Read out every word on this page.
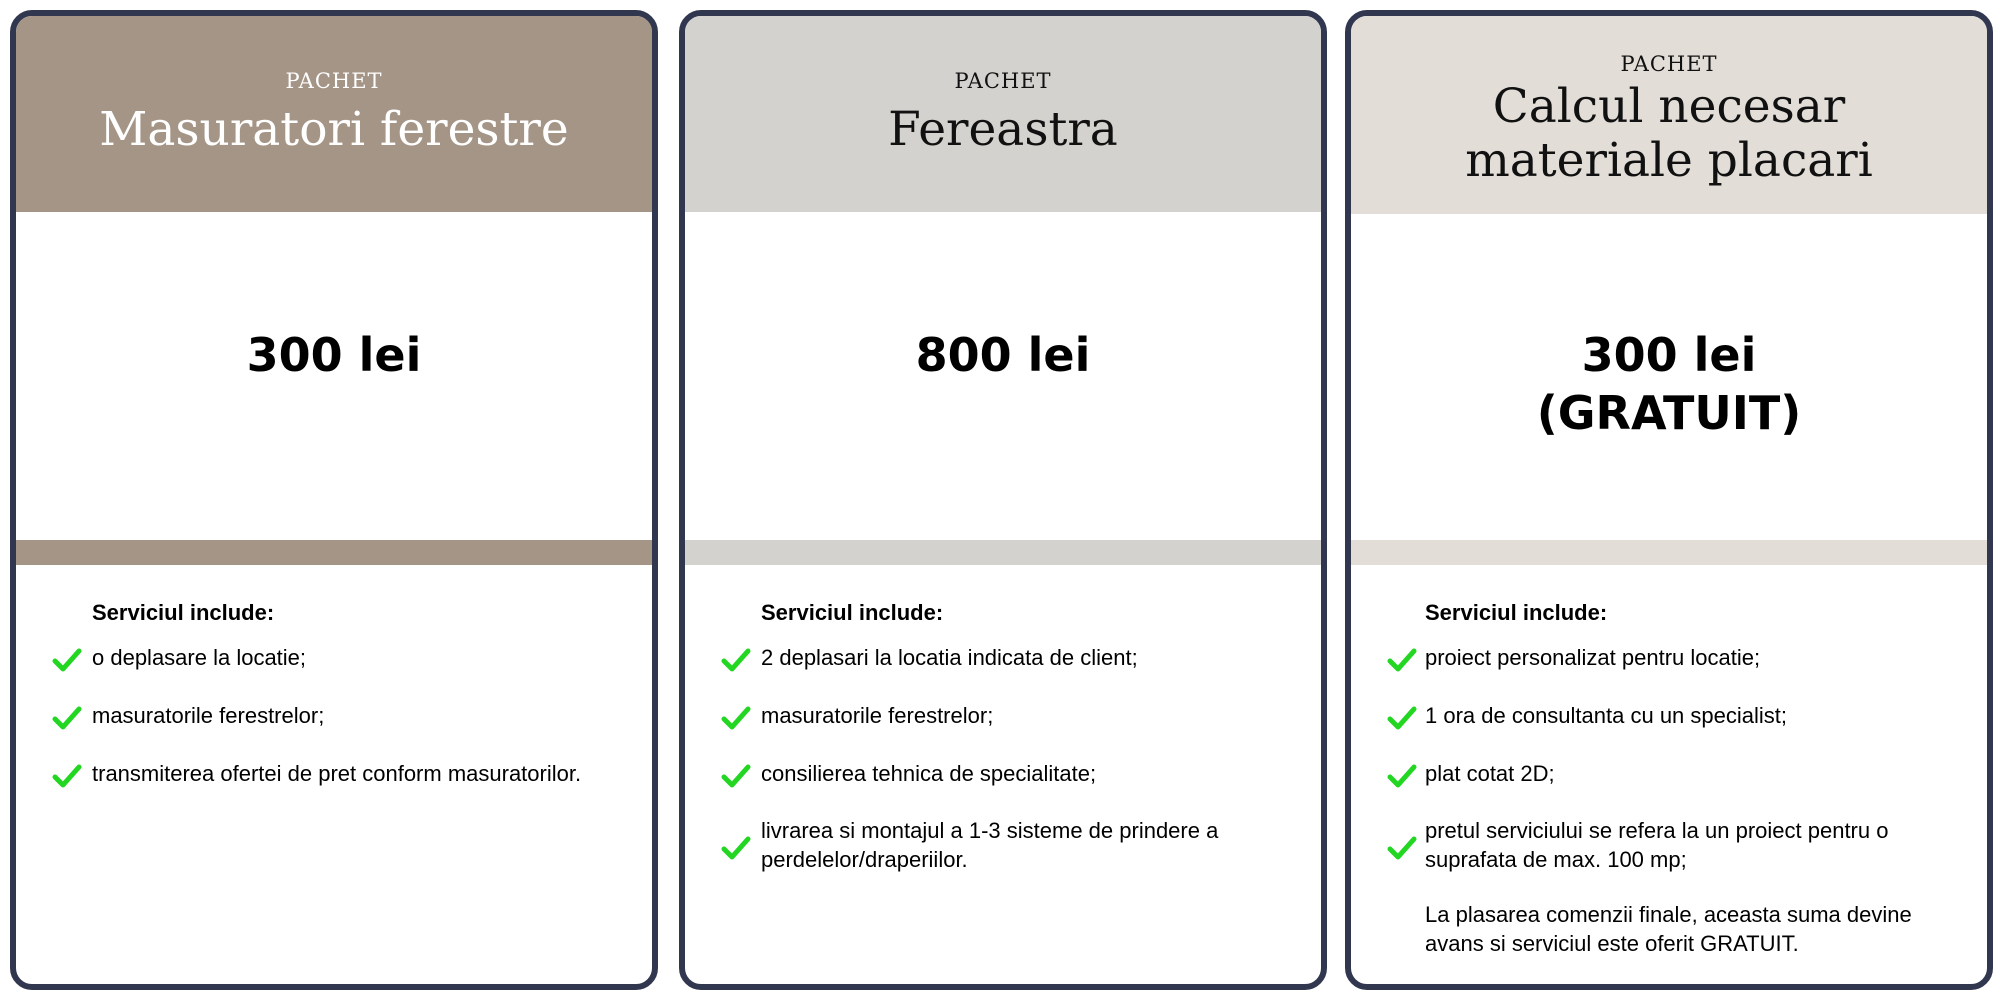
PACHET
Masuratori ferestre
300 lei
Serviciul include:
o deplasare la locatie;
masuratorile ferestrelor;
transmiterea ofertei de pret conform masuratorilor.
PACHET
Fereastra
800 lei
Serviciul include:
2 deplasari la locatia indicata de client;
masuratorile ferestrelor;
consilierea tehnica de specialitate;
livrarea si montajul a 1-3 sisteme de prindere a perdelelor/draperiilor.
PACHET
Calcul necesar
materiale placari
300 lei
(GRATUIT)
Serviciul include:
proiect personalizat pentru locatie;
1 ora de consultanta cu un specialist;
plat cotat 2D;
pretul serviciului se refera la un proiect pentru o suprafata de max. 100 mp;
La plasarea comenzii finale, aceasta suma devine avans si serviciul este oferit GRATUIT.
